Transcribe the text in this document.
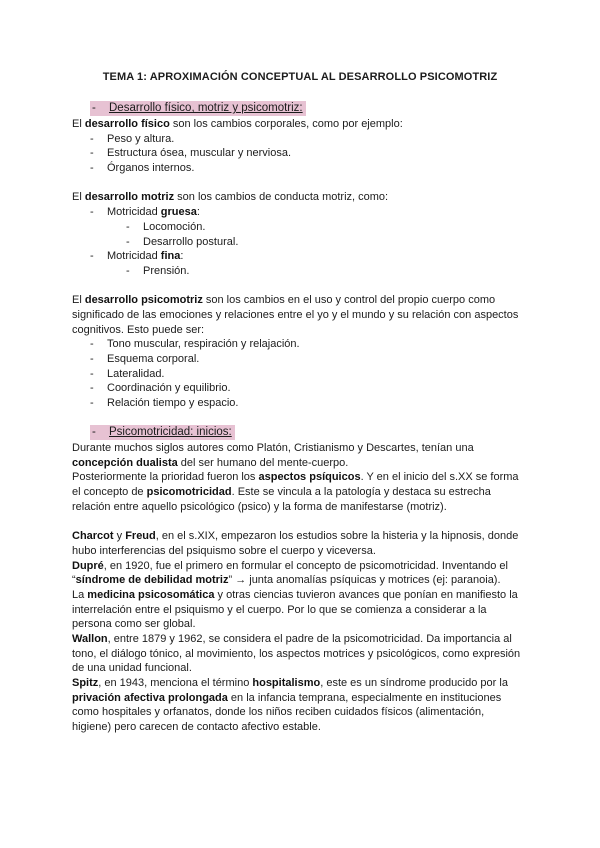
TEMA 1: APROXIMACIÓN CONCEPTUAL AL DESARROLLO PSICOMOTRIZ
-	Desarrollo físico, motriz y psicomotriz:
El desarrollo físico son los cambios corporales, como por ejemplo:
- Peso y altura.
- Estructura ósea, muscular y nerviosa.
- Órganos internos.
El desarrollo motriz son los cambios de conducta motriz, como:
- Motricidad gruesa:
- Locomoción.
- Desarrollo postural.
- Motricidad fina:
- Prensión.
El desarrollo psicomotriz son los cambios en el uso y control del propio cuerpo como
significado de las emociones y relaciones entre el yo y el mundo y su relación con aspectos
cognitivos. Esto puede ser:
- Tono muscular, respiración y relajación.
- Esquema corporal.
- Lateralidad.
- Coordinación y equilibrio.
- Relación tiempo y espacio.
-	Psicomotricidad: inicios:
Durante muchos siglos autores como Platón, Cristianismo y Descartes, tenían una
concepción dualista del ser humano del mente-cuerpo.
Posteriormente la prioridad fueron los aspectos psíquicos. Y en el inicio del s.XX se forma
el concepto de psicomotricidad. Este se vincula a la patología y destaca su estrecha
relación entre aquello psicológico (psico) y la forma de manifestarse (motriz).
Charcot y Freud, en el s.XIX, empezaron los estudios sobre la histeria y la hipnosis, donde
hubo interferencias del psiquismo sobre el cuerpo y viceversa.
Dupré, en 1920, fue el primero en formular el concepto de psicomotricidad. Inventando el
“síndrome de debilidad motriz” → junta anomalías psíquicas y motrices (ej: paranoia).
La medicina psicosomática y otras ciencias tuvieron avances que ponían en manifiesto la
interrelación entre el psiquismo y el cuerpo. Por lo que se comienza a considerar a la
persona como ser global.
Wallon, entre 1879 y 1962, se considera el padre de la psicomotricidad. Da importancia al
tono, el diálogo tónico, al movimiento, los aspectos motrices y psicológicos, como expresión
de una unidad funcional.
Spitz, en 1943, menciona el término hospitalismo, este es un síndrome producido por la
privación afectiva prolongada en la infancia temprana, especialmente en instituciones
como hospitales y orfanatos, donde los niños reciben cuidados físicos (alimentación,
higiene) pero carecen de contacto afectivo estable.
